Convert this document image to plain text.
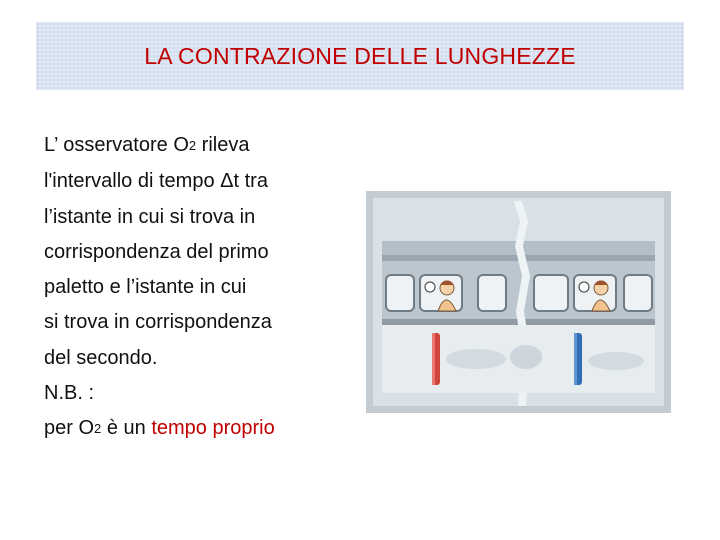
LA CONTRAZIONE DELLE LUNGHEZZE
L’ osservatore $O_2$ rileva
l'intervallo di tempo Δt tra
l’istante in cui si trova in
corrispondenza del primo
paletto e l’istante in cui
si trova in corrispondenza
del secondo.
N.B. :
per $O_2$ è un tempo proprio
